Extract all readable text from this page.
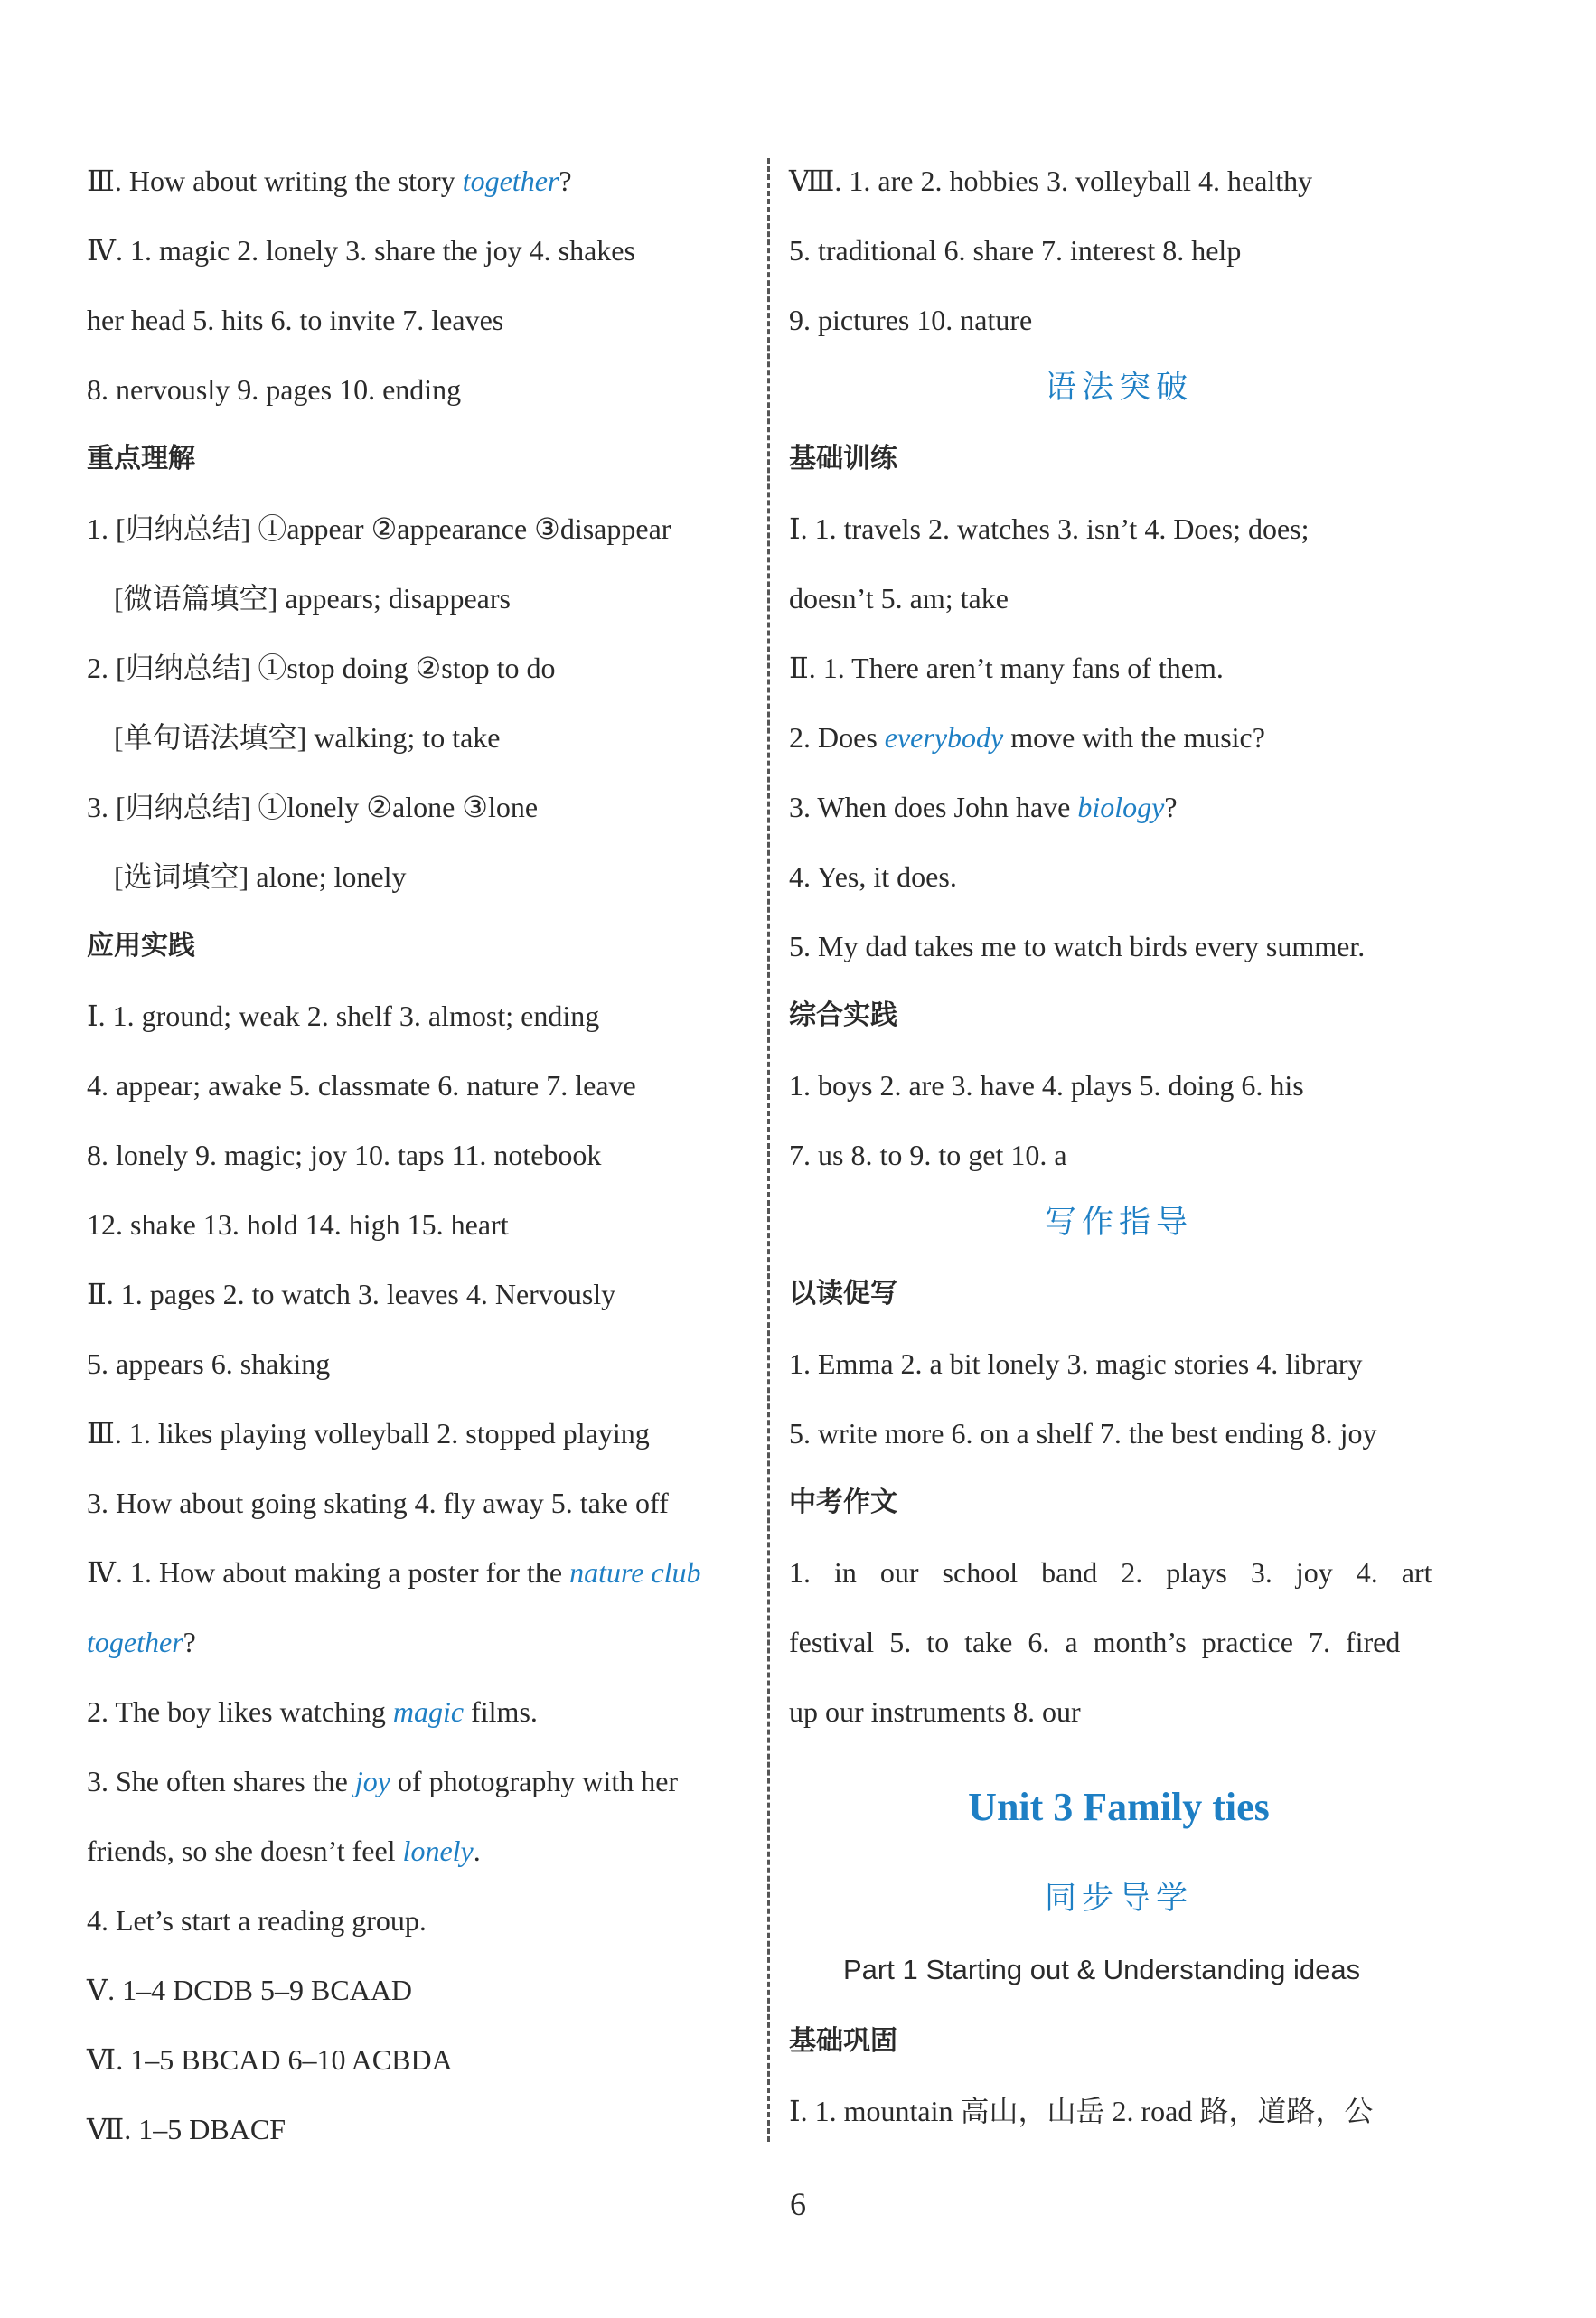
Ⅲ. How about writing the story together?
Ⅳ. 1. magic 2. lonely 3. share the joy 4. shakes
her head 5. hits 6. to invite 7. leaves
8. nervously 9. pages 10. ending
重点理解
1. [归纳总结] ①appear ②appearance ③disappear
[微语篇填空] appears; disappears
2. [归纳总结] ①stop doing ②stop to do
[单句语法填空] walking; to take
3. [归纳总结] ①lonely ②alone ③lone
[选词填空] alone; lonely
应用实践
Ⅰ. 1. ground; weak 2. shelf 3. almost; ending
4. appear; awake 5. classmate 6. nature 7. leave
8. lonely 9. magic; joy 10. taps 11. notebook
12. shake 13. hold 14. high 15. heart
Ⅱ. 1. pages 2. to watch 3. leaves 4. Nervously
5. appears 6. shaking
Ⅲ. 1. likes playing volleyball 2. stopped playing
3. How about going skating 4. fly away 5. take off
Ⅳ. 1. How about making a poster for the nature club
together?
2. The boy likes watching magic films.
3. She often shares the joy of photography with her
friends, so she doesn’t feel lonely.
4. Let’s start a reading group.
Ⅴ. 1–4 DCDB 5–9 BCAAD
Ⅵ. 1–5 BBCAD 6–10 ACBDA
Ⅶ. 1–5 DBACF
Ⅷ. 1. are 2. hobbies 3. volleyball 4. healthy
5. traditional 6. share 7. interest 8. help
9. pictures 10. nature
语法突破
基础训练
Ⅰ. 1. travels 2. watches 3. isn’t 4. Does; does;
doesn’t 5. am; take
Ⅱ. 1. There aren’t many fans of them.
2. Does everybody move with the music?
3. When does John have biology?
4. Yes, it does.
5. My dad takes me to watch birds every summer.
综合实践
1. boys 2. are 3. have 4. plays 5. doing 6. his
7. us 8. to 9. to get 10. a
写作指导
以读促写
1. Emma 2. a bit lonely 3. magic stories 4. library
5. write more 6. on a shelf 7. the best ending 8. joy
中考作文
1. in our school band 2. plays 3. joy 4. art
festival 5. to take 6. a month’s practice 7. fired
up our instruments 8. our
Unit 3 Family ties
同步导学
Part 1 Starting out & Understanding ideas
基础巩固
Ⅰ. 1. mountain 高山，山岳 2. road 路，道路，公
6
